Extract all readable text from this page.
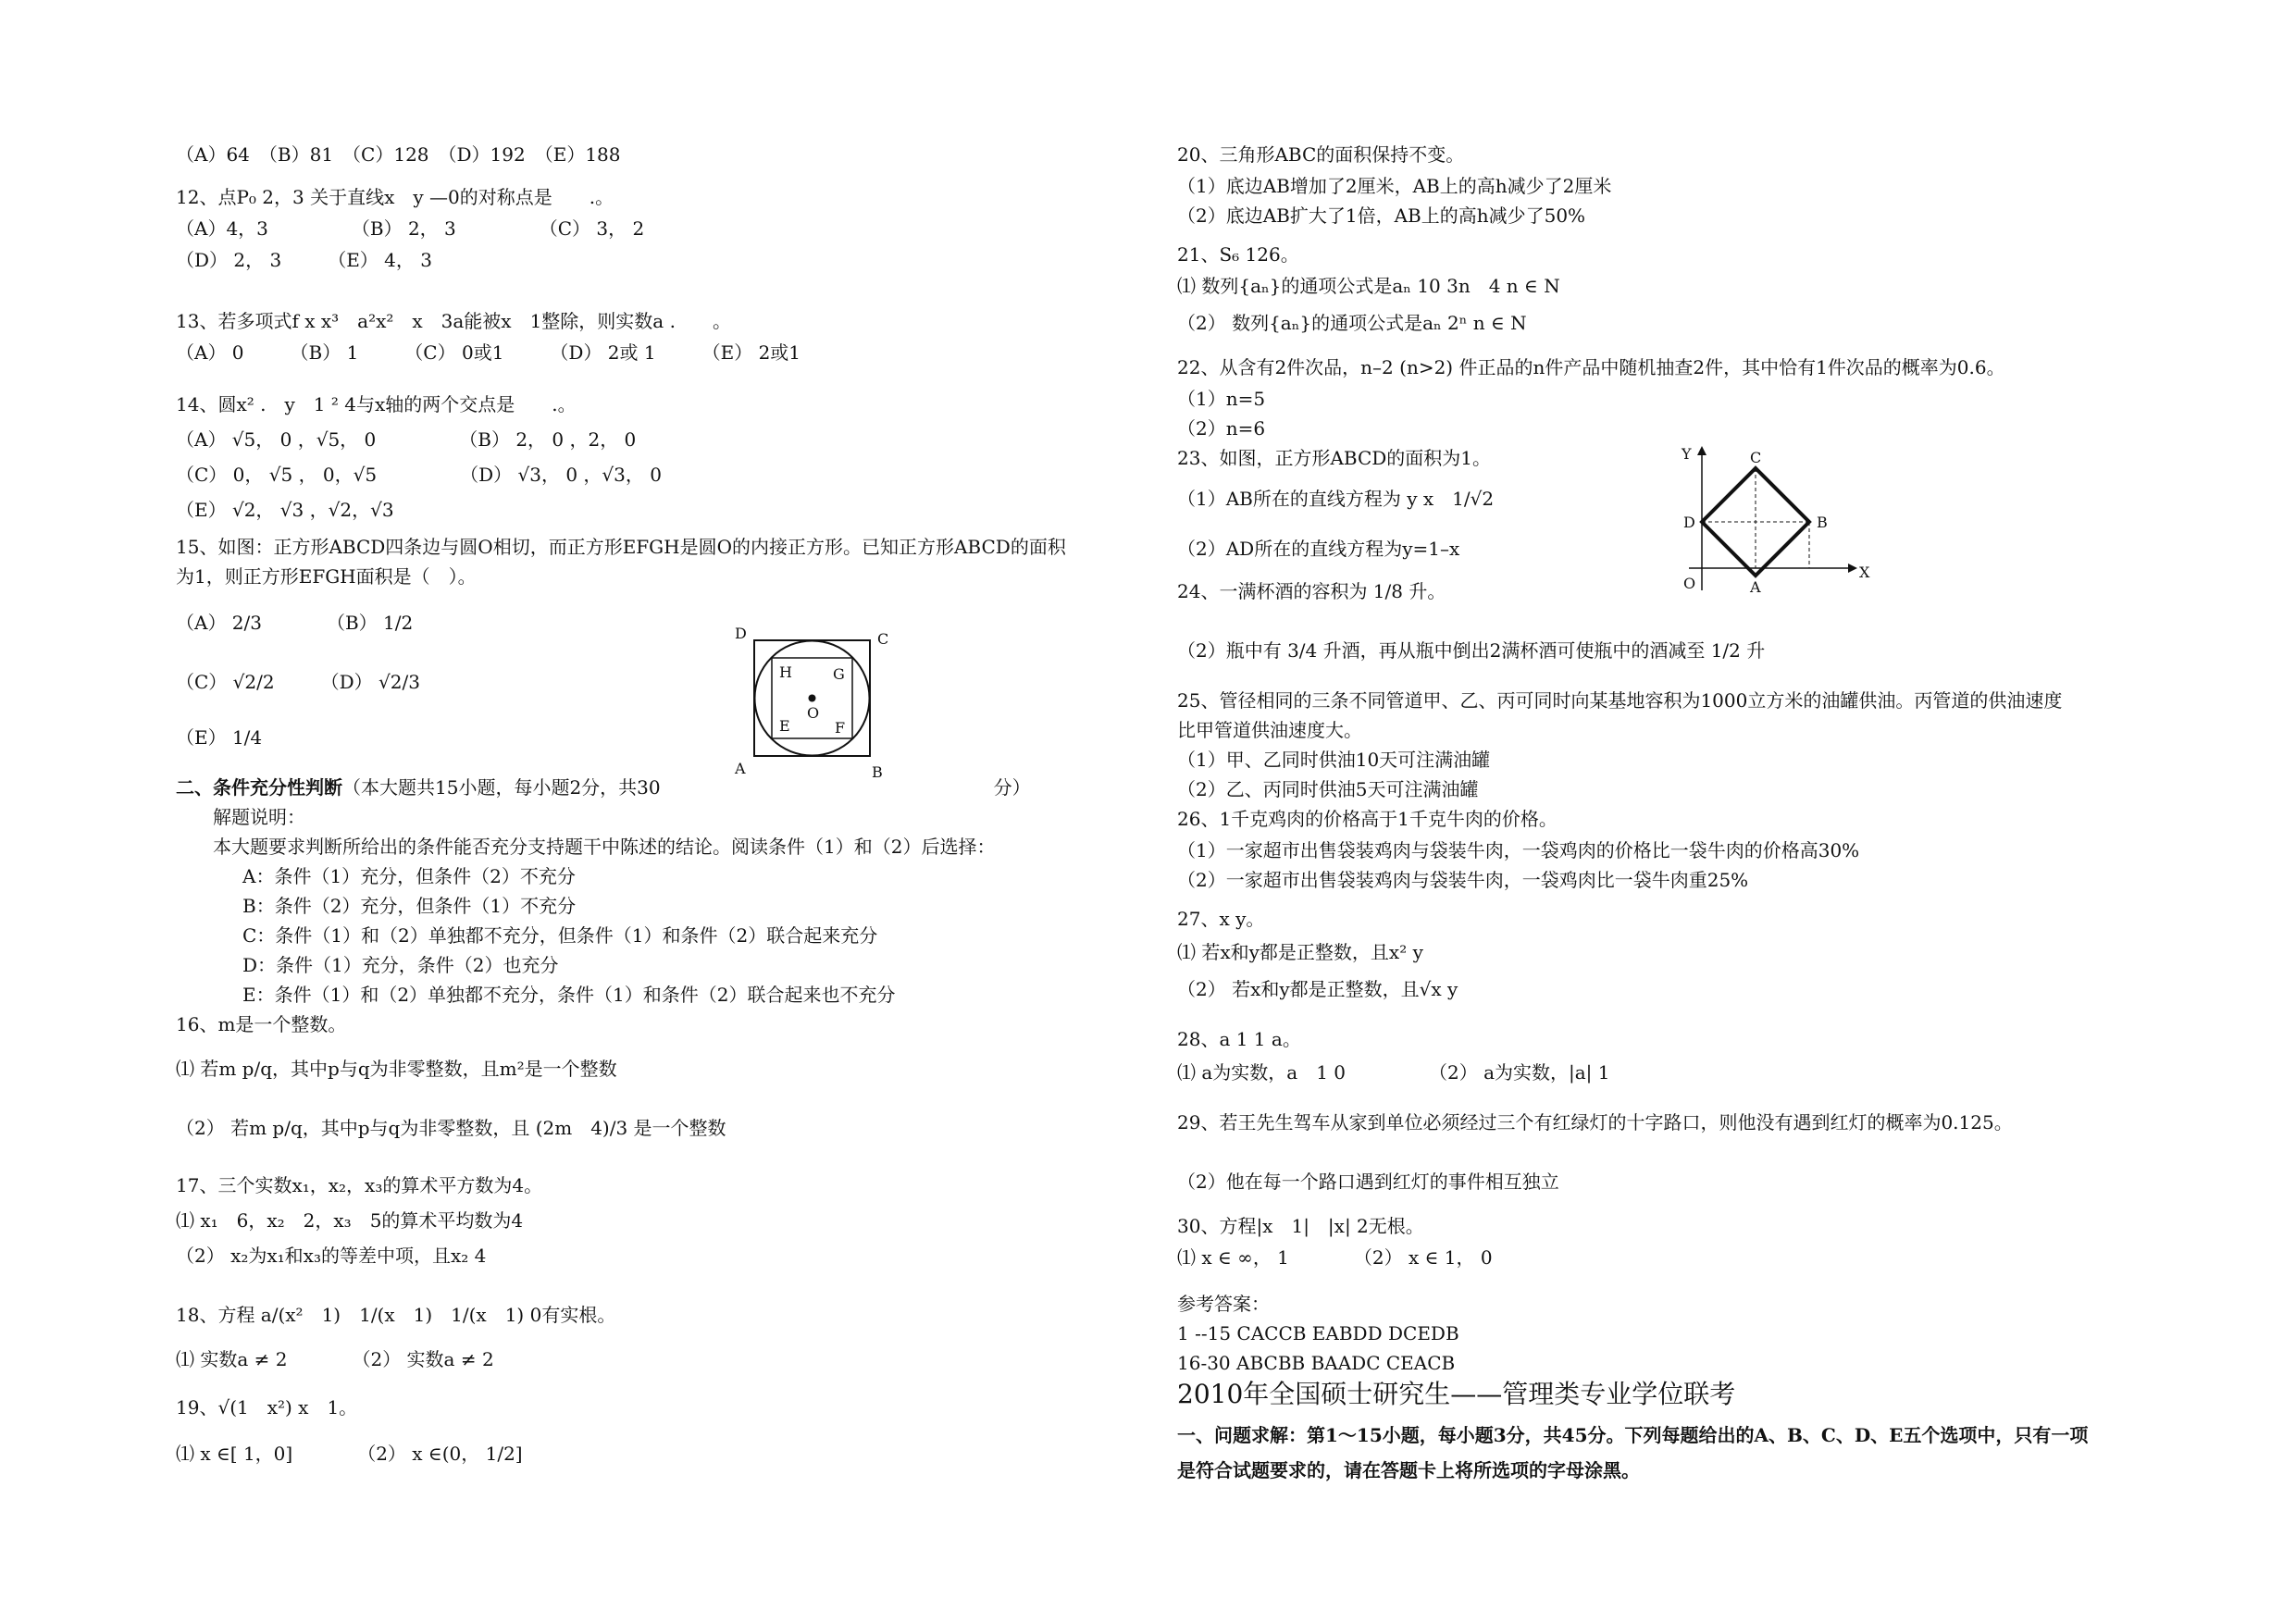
（A）64　（B）81　（C）128　（D）192　（E）188
12、点P₀ 2，3 关于直线x　y —0的对称点是　　.。
（A）4，3　　　　　（B） 2， 3　　　　　（C） 3， 2
（D） 2， 3　　　（E） 4， 3
13、若多项式f x x³　a²x²　x　3a能被x　1整除，则实数a .　　。
（A） 0　　　（B） 1　　　（C） 0或1　　　（D） 2或 1　　　（E） 2或1
14、圆x² .　y　1 ² 4与x轴的两个交点是　　.。
（A） √5， 0 ，√5， 0　　　　　（B） 2， 0 ，2， 0
（C） 0， √5 ， 0，√5　　　　　（D） √3， 0 ，√3， 0
（E） √2， √3 ，√2，√3
15、如图：正方形ABCD四条边与圆O相切，而正方形EFGH是圆O的内接正方形。已知正方形ABCD的面积
为1，则正方形EFGH面积是（　）。
（A） 2/3　　　　（B） 1/2
（C） √2/2　　　（D） √2/3
（E） 1/4
二、条件充分性判断（本大题共15小题，每小题2分，共30　　　　　　　　　　　　　　　　　　分）
解题说明：
本大题要求判断所给出的条件能否充分支持题干中陈述的结论。阅读条件（1）和（2）后选择：
A：条件（1）充分，但条件（2）不充分
B：条件（2）充分，但条件（1）不充分
C：条件（1）和（2）单独都不充分，但条件（1）和条件（2）联合起来充分
D：条件（1）充分，条件（2）也充分
E：条件（1）和（2）单独都不充分，条件（1）和条件（2）联合起来也不充分
16、m是一个整数。
⑴ 若m p/q，其中p与q为非零整数，且m²是一个整数
（2） 若m p/q，其中p与q为非零整数，且 (2m　4)/3 是一个整数
17、三个实数x₁，x₂，x₃的算术平方数为4。
⑴ x₁　6，x₂　2，x₃　5的算术平均数为4
（2） x₂为x₁和x₃的等差中项，且x₂ 4
18、方程 a/(x²　1)　1/(x　1)　1/(x　1) 0有实根。
⑴ 实数a ≠ 2　　　　（2） 实数a ≠ 2
19、√(1　x²) x　1。
⑴ x ∈[ 1，0]　　　　（2） x ∈(0， 1/2]
D	C
A	B
H	G
E	F
O
20、三角形ABC的面积保持不变。
（1）底边AB增加了2厘米，AB上的高h减少了2厘米
（2）底边AB扩大了1倍，AB上的高h减少了50%
21、S₆ 126。
⑴ 数列{aₙ}的通项公式是aₙ 10 3n　4 n ∈ N
（2） 数列{aₙ}的通项公式是aₙ 2ⁿ n ∈ N
22、从含有2件次品，n–2 (n>2) 件正品的n件产品中随机抽查2件，其中恰有1件次品的概率为0.6。
（1）n=5
（2）n=6
23、如图，正方形ABCD的面积为1。
（1）AB所在的直线方程为 y x　1/√2
（2）AD所在的直线方程为y=1–x
24、一满杯酒的容积为 1/8 升。
（2）瓶中有 3/4 升酒，再从瓶中倒出2满杯酒可使瓶中的酒减至 1/2 升
25、管径相同的三条不同管道甲、乙、丙可同时向某基地容积为1000立方米的油罐供油。丙管道的供油速度
比甲管道供油速度大。
（1）甲、乙同时供油10天可注满油罐
（2）乙、丙同时供油5天可注满油罐
26、1千克鸡肉的价格高于1千克牛肉的价格。
（1）一家超市出售袋装鸡肉与袋装牛肉，一袋鸡肉的价格比一袋牛肉的价格高30%
（2）一家超市出售袋装鸡肉与袋装牛肉，一袋鸡肉比一袋牛肉重25%
27、x y。
⑴ 若x和y都是正整数，且x² y
（2） 若x和y都是正整数，且√x y
28、a 1 1 a。
⑴ a为实数，a　1 0　　　　　（2） a为实数，|a| 1
29、若王先生驾车从家到单位必须经过三个有红绿灯的十字路口，则他没有遇到红灯的概率为0.125。
（2）他在每一个路口遇到红灯的事件相互独立
30、方程|x　1|　|x| 2无根。
⑴ x ∈ ∞， 1　　　　（2） x ∈ 1， 0
参考答案：
1 --15 CACCB EABDD DCEDB
16-30 ABCBB BAADC CEACB
2010年全国硕士研究生——管理类专业学位联考
一、问题求解：第1～15小题，每小题3分，共45分。下列每题给出的A、B、C、D、E五个选项中，只有一项
是符合试题要求的，请在答题卡上将所选项的字母涂黑。
Y
X
O	A
B
C
D
